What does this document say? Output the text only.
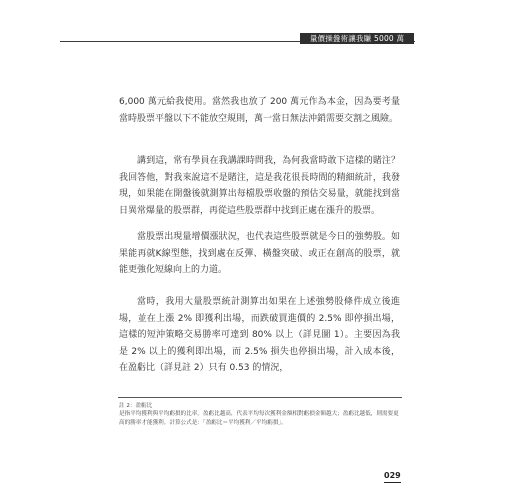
量價操盤術讓我賺 5000 萬
6,000 萬元給我使用。當然我也放了 200 萬元作為本金，因為要考量當時股票平盤以下不能放空規則，萬一當日無法沖銷需要交割之風險。
講到這，常有學員在我講課時問我，為何我當時敢下這樣的賭注？我回答他，對我來說這不是賭注，這是我花很長時間的精細統計，我發現，如果能在開盤後就測算出每檔股票收盤的預估交易量，就能找到當日異常爆量的股票群，再從這些股票群中找到正處在漲升的股票。
當股票出現量增價漲狀況，也代表這些股票就是今日的強勢股。如果能再就K線型態，找到處在反彈、橫盤突破、或正在創高的股票，就能更強化短線向上的力道。
當時，我用大量股票統計測算出如果在上述強勢股條件成立後進場，並在上漲 2% 即獲利出場，而跌破買進價的 2.5% 即停損出場，這樣的短沖策略交易勝率可達到 80% 以上（詳見圖 1）。主要因為我是 2% 以上的獲利即出場，而 2.5% 損失也停損出場，計入成本後，在盈虧比（詳見註 2）只有 0.53 的情況，
註 2：盈虧比
是指平均獲利與平均虧損的比率。盈虧比越高，代表平均每次獲利金額相對虧損金額越大；盈虧比越低，則需要更高的勝率才能獲利。計算公式是：「盈虧比＝平均獲利／平均虧損」。
029
